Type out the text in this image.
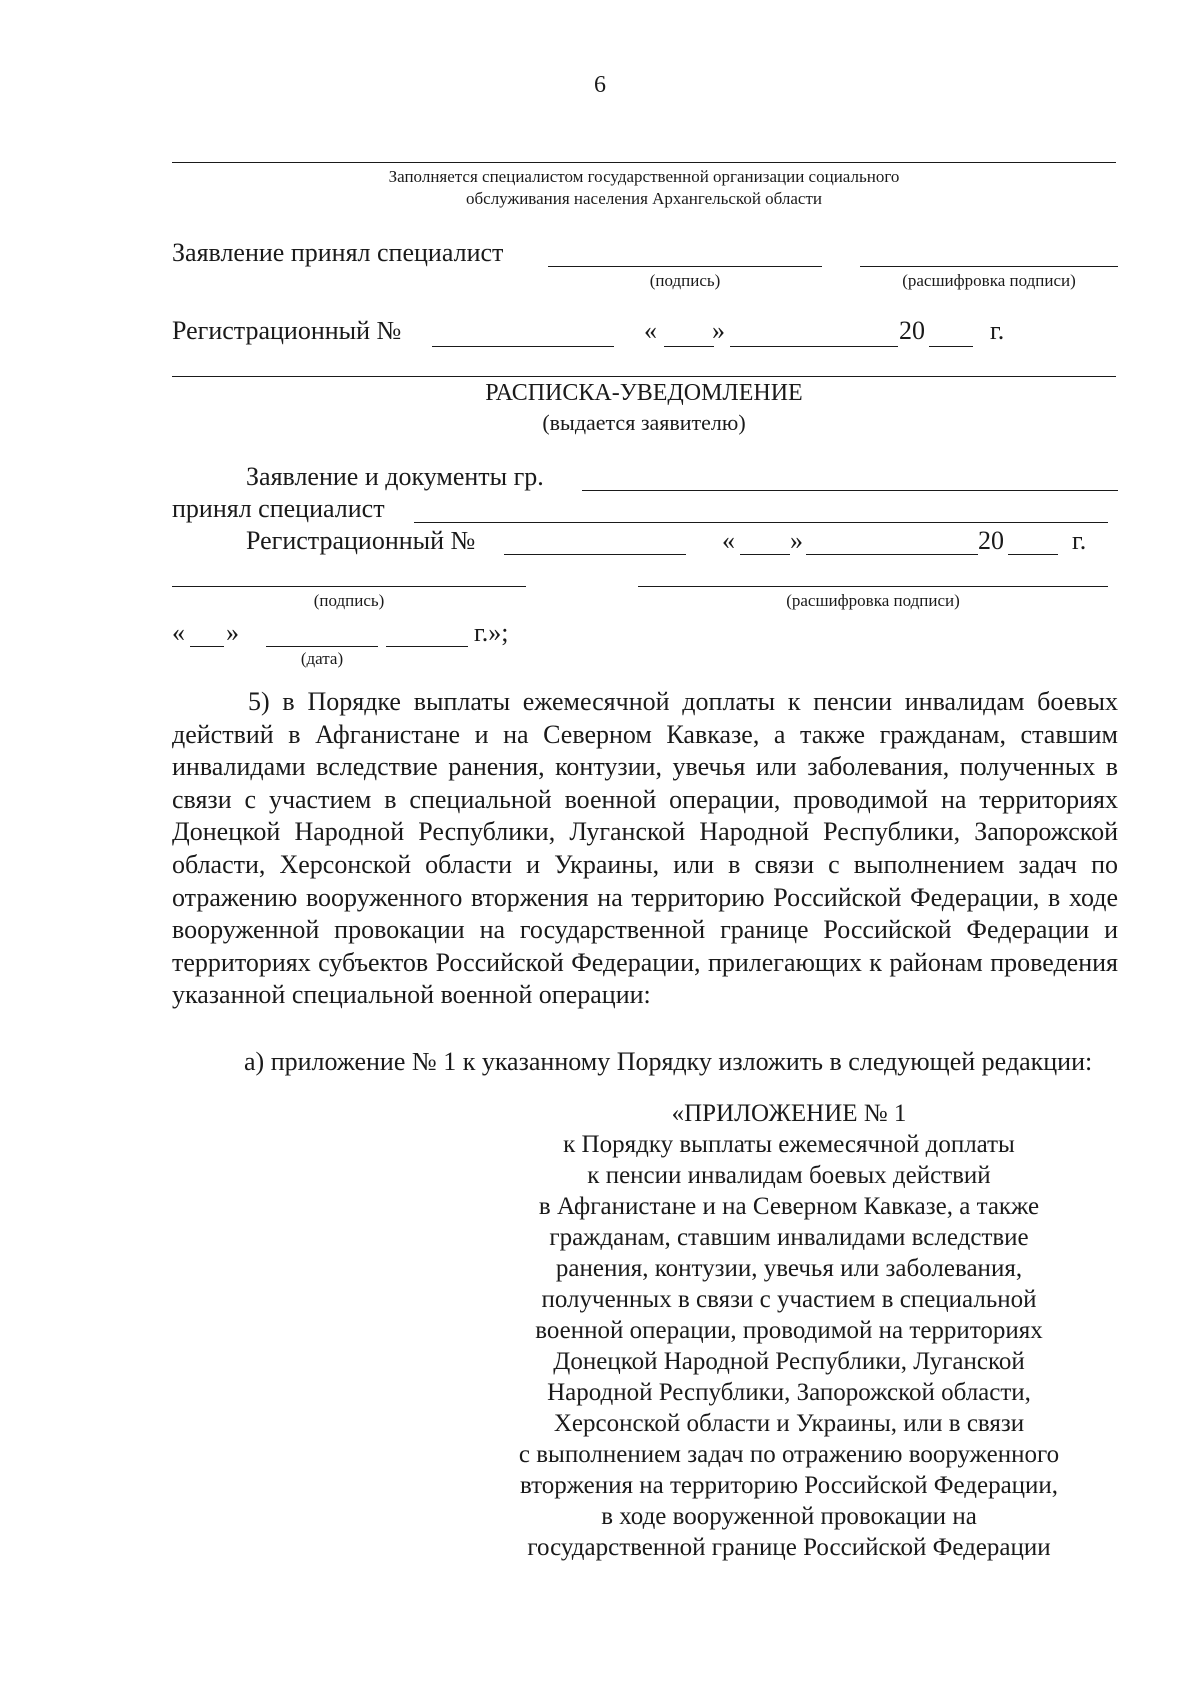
6
Заполняется специалистом государственной организации социального
обслуживания населения Архангельской области
Заявление принял специалист
(подпись)	(расшифровка подписи)
Регистрационный №	« »	20	г.
РАСПИСКА-УВЕДОМЛЕНИЕ
(выдается заявителю)
Заявление и документы гр.
принял специалист
Регистрационный №	« »	20	г.
(подпись)	(расшифровка подписи)
« »	г.»;
(дата)
5) в Порядке выплаты ежемесячной доплаты к пенсии инвалидам боевых действий в Афганистане и на Северном Кавказе, а также гражданам, ставшим инвалидами вследствие ранения, контузии, увечья или заболевания, полученных в связи с участием в специальной военной операции, проводимой на территориях Донецкой Народной Республики, Луганской Народной Республики, Запорожской области, Херсонской области и Украины, или в связи с выполнением задач по отражению вооруженного вторжения на территорию Российской Федерации, в ходе вооруженной провокации на государственной границе Российской Федерации и территориях субъектов Российской Федерации, прилегающих к районам проведения указанной специальной военной операции:
а) приложение № 1 к указанному Порядку изложить в следующей редакции:
«ПРИЛОЖЕНИЕ № 1
к Порядку выплаты ежемесячной доплаты
к пенсии инвалидам боевых действий
в Афганистане и на Северном Кавказе, а также
гражданам, ставшим инвалидами вследствие
ранения, контузии, увечья или заболевания,
полученных в связи с участием в специальной
военной операции, проводимой на территориях
Донецкой Народной Республики, Луганской
Народной Республики, Запорожской области,
Херсонской области и Украины, или в связи
с выполнением задач по отражению вооруженного
вторжения на территорию Российской Федерации,
в ходе вооруженной провокации на
государственной границе Российской Федерации
